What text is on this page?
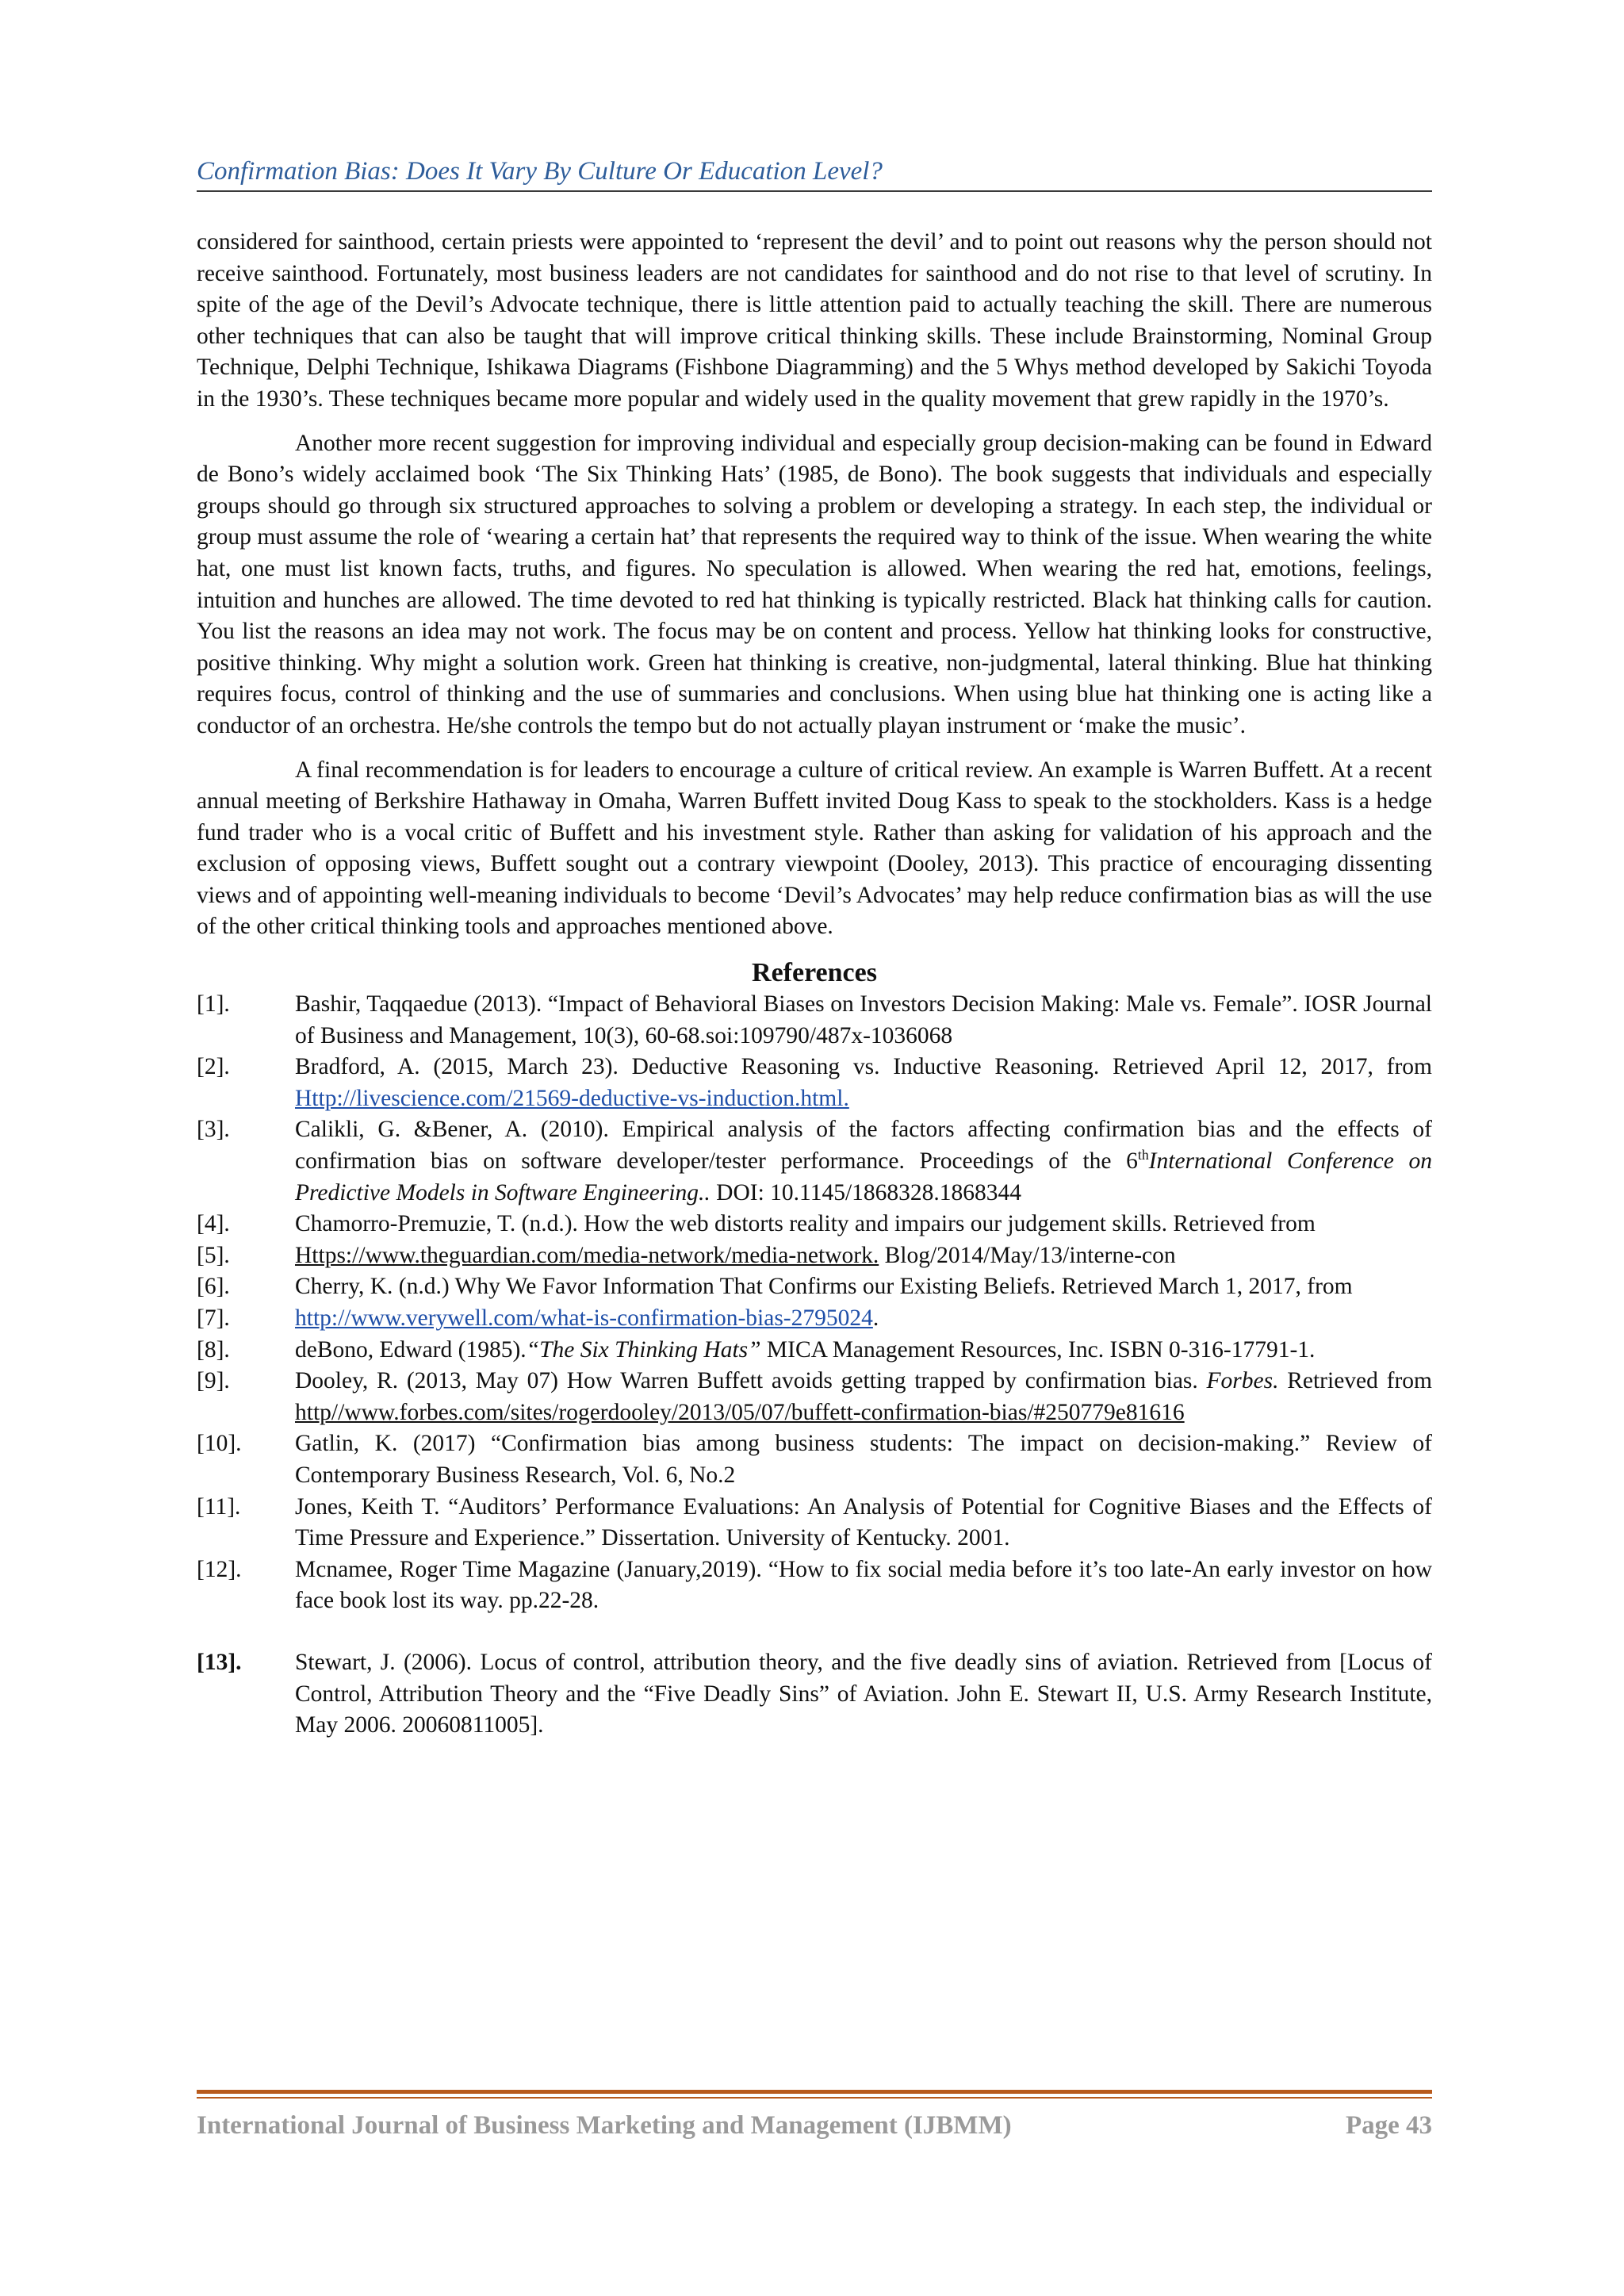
Confirmation Bias: Does It Vary By Culture Or Education Level?

considered for sainthood, certain priests were appointed to ‘represent the devil’ and to point out reasons why the person should not receive sainthood. Fortunately, most business leaders are not candidates for sainthood and do not rise to that level of scrutiny. In spite of the age of the Devil’s Advocate technique, there is little attention paid to actually teaching the skill. There are numerous other techniques that can also be taught that will improve critical thinking skills. These include Brainstorming, Nominal Group Technique, Delphi Technique, Ishikawa Diagrams (Fishbone Diagramming) and the 5 Whys method developed by Sakichi Toyoda in the 1930’s. These techniques became more popular and widely used in the quality movement that grew rapidly in the 1970’s.

Another more recent suggestion for improving individual and especially group decision-making can be found in Edward de Bono’s widely acclaimed book ‘The Six Thinking Hats’ (1985, de Bono). The book suggests that individuals and especially groups should go through six structured approaches to solving a problem or developing a strategy. In each step, the individual or group must assume the role of ‘wearing a certain hat’ that represents the required way to think of the issue. When wearing the white hat, one must list known facts, truths, and figures. No speculation is allowed. When wearing the red hat, emotions, feelings, intuition and hunches are allowed. The time devoted to red hat thinking is typically restricted. Black hat thinking calls for caution. You list the reasons an idea may not work. The focus may be on content and process. Yellow hat thinking looks for constructive, positive thinking. Why might a solution work. Green hat thinking is creative, non-judgmental, lateral thinking. Blue hat thinking requires focus, control of thinking and the use of summaries and conclusions. When using blue hat thinking one is acting like a conductor of an orchestra. He/she controls the tempo but do not actually playan instrument or ‘make the music’.

A final recommendation is for leaders to encourage a culture of critical review. An example is Warren Buffett. At a recent annual meeting of Berkshire Hathaway in Omaha, Warren Buffett invited Doug Kass to speak to the stockholders. Kass is a hedge fund trader who is a vocal critic of Buffett and his investment style. Rather than asking for validation of his approach and the exclusion of opposing views, Buffett sought out a contrary viewpoint (Dooley, 2013). This practice of encouraging dissenting views and of appointing well-meaning individuals to become ‘Devil’s Advocates’ may help reduce confirmation bias as will the use of the other critical thinking tools and approaches mentioned above.

References
[1].	Bashir, Taqqaedue (2013). “Impact of Behavioral Biases on Investors Decision Making: Male vs. Female”. IOSR Journal of Business and Management, 10(3), 60-68.soi:109790/487x-1036068
[2].	Bradford, A. (2015, March 23). Deductive Reasoning vs. Inductive Reasoning. Retrieved April 12, 2017, from Http://livescience.com/21569-deductive-vs-induction.html.
[3].	Calikli, G. &Bener, A. (2010). Empirical analysis of the factors affecting confirmation bias and the effects of confirmation bias on software developer/tester performance. Proceedings of the 6thInternational Conference on Predictive Models in Software Engineering.. DOI: 10.1145/1868328.1868344
[4].	Chamorro-Premuzie, T. (n.d.). How the web distorts reality and impairs our judgement skills. Retrieved from
[5].	Https://www.theguardian.com/media-network/media-network. Blog/2014/May/13/interne-con
[6].	Cherry, K. (n.d.) Why We Favor Information That Confirms our Existing Beliefs. Retrieved March 1, 2017, from
[7].	http://www.verywell.com/what-is-confirmation-bias-2795024.
[8].	deBono, Edward (1985).“The Six Thinking Hats” MICA Management Resources, Inc. ISBN 0-316-17791-1.
[9].	Dooley, R. (2013, May 07) How Warren Buffett avoids getting trapped by confirmation bias. Forbes. Retrieved from http//www.forbes.com/sites/rogerdooley/2013/05/07/buffett-confirmation-bias/#250779e81616
[10].	Gatlin, K. (2017) “Confirmation bias among business students: The impact on decision-making.” Review of Contemporary Business Research, Vol. 6, No.2
[11].	Jones, Keith T. “Auditors’ Performance Evaluations: An Analysis of Potential for Cognitive Biases and the Effects of Time Pressure and Experience.” Dissertation. University of Kentucky. 2001.
[12].	Mcnamee, Roger Time Magazine (January,2019). “How to fix social media before it’s too late-An early investor on how face book lost its way. pp.22-28.
[13].	Stewart, J. (2006). Locus of control, attribution theory, and the five deadly sins of aviation. Retrieved from [Locus of Control, Attribution Theory and the “Five Deadly Sins” of Aviation. John E. Stewart II, U.S. Army Research Institute, May 2006. 20060811005].
International Journal of Business Marketing and Management (IJBMM)	Page 43
